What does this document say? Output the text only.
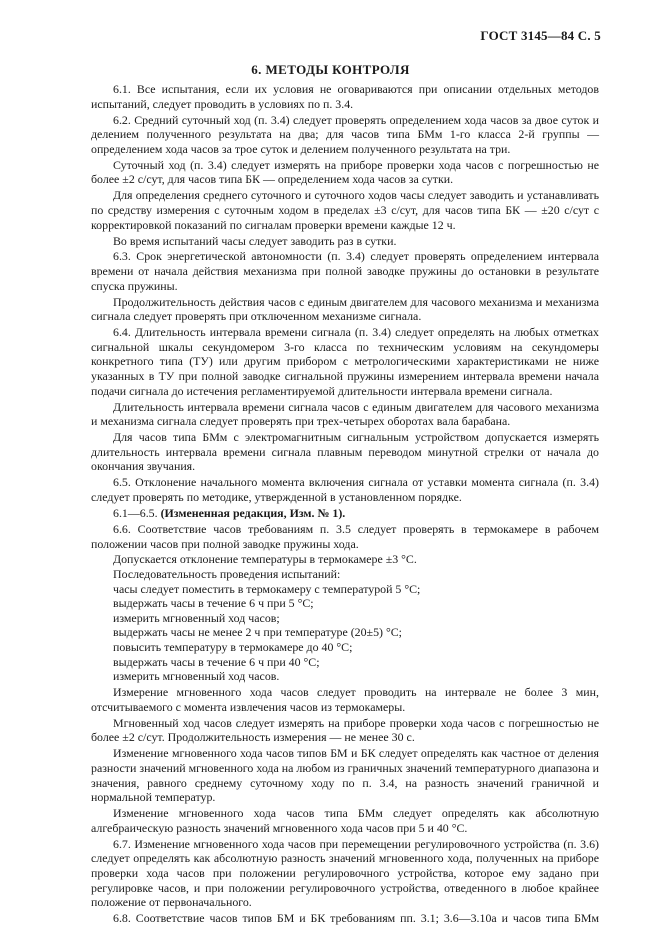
ГОСТ 3145—84 С. 5
6. МЕТОДЫ КОНТРОЛЯ

6.1. Все испытания, если их условия не оговариваются при описании отдельных методов испытаний, следует проводить в условиях по п. 3.4.

6.2. Средний суточный ход (п. 3.4) следует проверять определением хода часов за двое суток и делением полученного результата на два; для часов типа БМм 1-го класса 2-й группы — определением хода часов за трое суток и делением полученного результата на три.

Суточный ход (п. 3.4) следует измерять на приборе проверки хода часов с погрешностью не более ±2 с/сут, для часов типа БК — определением хода часов за сутки.

Для определения среднего суточного и суточного ходов часы следует заводить и устанавливать по средству измерения с суточным ходом в пределах ±3 с/сут, для часов типа БК — ±20 с/сут с корректировкой показаний по сигналам проверки времени каждые 12 ч.

Во время испытаний часы следует заводить раз в сутки.

6.3. Срок энергетической автономности (п. 3.4) следует проверять определением интервала времени от начала действия механизма при полной заводке пружины до остановки в результате спуска пружины.

Продолжительность действия часов с единым двигателем для часового механизма и механизма сигнала следует проверять при отключенном механизме сигнала.

6.4. Длительность интервала времени сигнала (п. 3.4) следует определять на любых отметках сигнальной шкалы секундомером 3-го класса по техническим условиям на секундомеры конкретного типа (ТУ) или другим прибором с метрологическими характеристиками не ниже указанных в ТУ при полной заводке сигнальной пружины измерением интервала времени начала подачи сигнала до истечения регламентируемой длительности интервала времени сигнала.

Длительность интервала времени сигнала часов с единым двигателем для часового механизма и механизма сигнала следует проверять при трех-четырех оборотах вала барабана.

Для часов типа БМм с электромагнитным сигнальным устройством допускается измерять длительность интервала времени сигнала плавным переводом минутной стрелки от начала до окончания звучания.

6.5. Отклонение начального момента включения сигнала от уставки момента сигнала (п. 3.4) следует проверять по методике, утвержденной в установленном порядке.

6.1—6.5. (Измененная редакция, Изм. № 1).

6.6. Соответствие часов требованиям п. 3.5 следует проверять в термокамере в рабочем положении часов при полной заводке пружины хода.

Допускается отклонение температуры в термокамере ±3 °С.

Последовательность проведения испытаний:

часы следует поместить в термокамеру с температурой 5 °С;

выдержать часы в течение 6 ч при 5 °С;

измерить мгновенный ход часов;

выдержать часы не менее 2 ч при температуре (20±5) °С;

повысить температуру в термокамере до 40 °С;

выдержать часы в течение 6 ч при 40 °С;

измерить мгновенный ход часов.

Измерение мгновенного хода часов следует проводить на интервале не более 3 мин, отсчитываемого с момента извлечения часов из термокамеры.

Мгновенный ход часов следует измерять на приборе проверки хода часов с погрешностью не более ±2 с/сут. Продолжительность измерения — не менее 30 с.

Изменение мгновенного хода часов типов БМ и БК следует определять как частное от деления разности значений мгновенного хода на любом из граничных значений температурного диапазона и значения, равного среднему суточному ходу по п. 3.4, на разность значений граничной и нормальной температур.

Изменение мгновенного хода часов типа БМм следует определять как абсолютную алгебраическую разность значений мгновенного хода часов при 5 и 40 °С.

6.7. Изменение мгновенного хода часов при перемещении регулировочного устройства (п. 3.6) следует определять как абсолютную разность значений мгновенного хода, полученных на приборе проверки хода часов при положении регулировочного устройства, которое ему задано при регулировке часов, и при положении регулировочного устройства, отведенного в любое крайнее положение от первоначального.

6.8. Соответствие часов типов БМ и БК требованиям пп. 3.1; 3.6—3.10а и часов типа БМм
